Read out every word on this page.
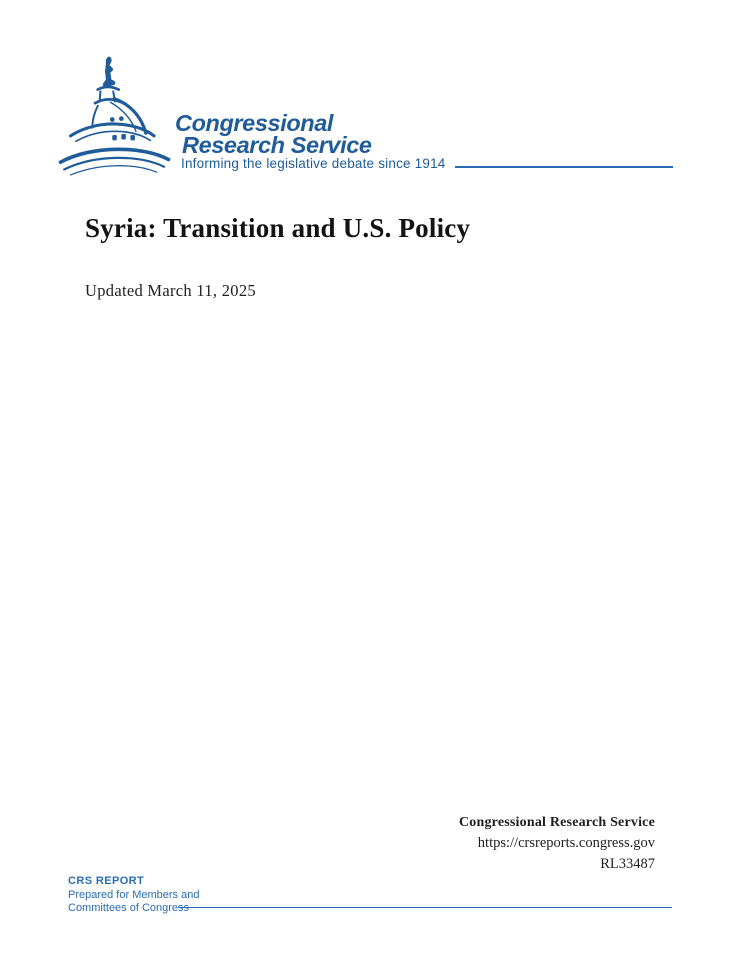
Congressional
Research Service
Informing the legislative debate since 1914
Syria: Transition and U.S. Policy
Updated March 11, 2025
Congressional Research Service
https://crsreports.congress.gov
RL33487
CRS REPORT
Prepared for Members and
Committees of Congress
